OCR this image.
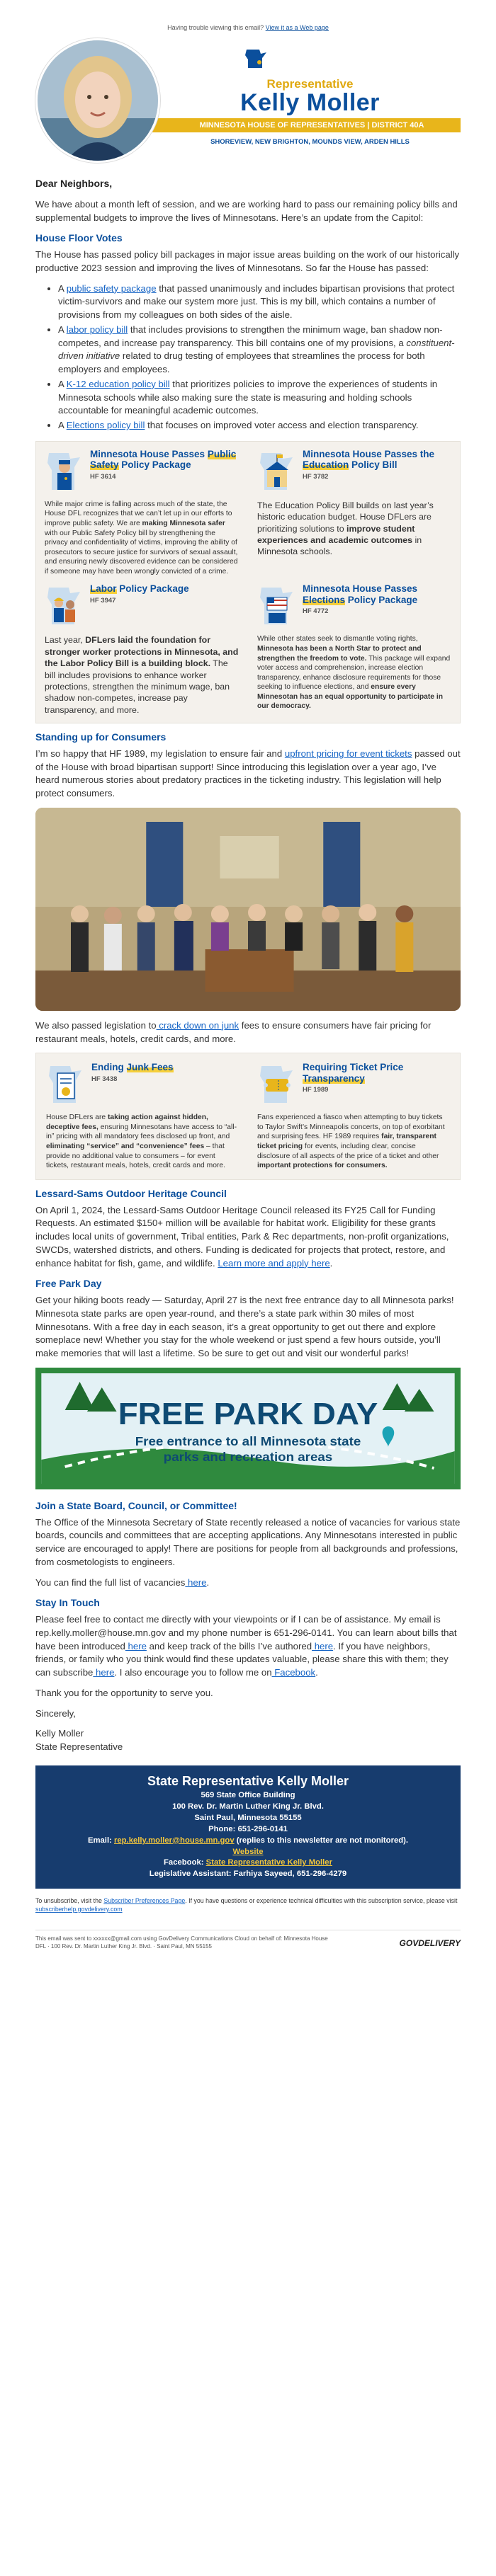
Having trouble viewing this email? View it as a Web page
Representative
Kelly Moller
MINNESOTA HOUSE OF REPRESENTATIVES | DISTRICT 40A
SHOREVIEW, NEW BRIGHTON, MOUNDS VIEW, ARDEN HILLS

Dear Neighbors,

We have about a month left of session, and we are working hard to pass our remaining policy bills and supplemental budgets to improve the lives of Minnesotans. Here’s an update from the Capitol:

House Floor Votes

The House has passed policy bill packages in major issue areas building on the work of our historically productive 2023 session and improving the lives of Minnesotans. So far the House has passed:

• A public safety package that passed unanimously and includes bipartisan provisions that protect victim-survivors and make our system more just. This is my bill, which contains a number of provisions from my colleagues on both sides of the aisle.
• A labor policy bill that includes provisions to strengthen the minimum wage, ban shadow non-competes, and increase pay transparency. This bill contains one of my provisions, a constituent-driven initiative related to drug testing of employees that streamlines the process for both employers and employees.
• A K-12 education policy bill that prioritizes policies to improve the experiences of students in Minnesota schools while also making sure the state is measuring and holding schools accountable for meaningful academic outcomes.
• A Elections policy bill that focuses on improved voter access and election transparency.
Minnesota House Passes Public Safety Policy Package
HF 3614
While major crime is falling across much of the state, the House DFL recognizes that we can’t let up in our efforts to improve public safety. We are making Minnesota safer with our Public Safety Policy bill by strengthening the privacy and confidentiality of victims, improving the ability of prosecutors to secure justice for survivors of sexual assault, and ensuring newly discovered evidence can be considered if someone may have been wrongly convicted of a crime.
Minnesota House Passes the Education Policy Bill
HF 3782
The Education Policy Bill builds on last year’s historic education budget. House DFLers are prioritizing solutions to improve student experiences and academic outcomes in Minnesota schools.
Labor Policy Package
HF 3947
Last year, DFLers laid the foundation for stronger worker protections in Minnesota, and the Labor Policy Bill is a building block. The bill includes provisions to enhance worker protections, strengthen the minimum wage, ban shadow non-competes, increase pay transparency, and more.
Minnesota House Passes Elections Policy Package
HF 4772
While other states seek to dismantle voting rights, Minnesota has been a North Star to protect and strengthen the freedom to vote. This package will expand voter access and comprehension, increase election transparency, enhance disclosure requirements for those seeking to influence elections, and ensure every Minnesotan has an equal opportunity to participate in our democracy.
Standing up for Consumers

I’m so happy that HF 1989, my legislation to ensure fair and upfront pricing for event tickets passed out of the House with broad bipartisan support! Since introducing this legislation over a year ago, I’ve heard numerous stories about predatory practices in the ticketing industry. This legislation will help protect consumers.

We also passed legislation to crack down on junk fees to ensure consumers have fair pricing for restaurant meals, hotels, credit cards, and more.

Ending Junk Fees
HF 3438
House DFLers are taking action against hidden, deceptive fees, ensuring Minnesotans have access to “all-in” pricing with all mandatory fees disclosed up front, and eliminating “service” and “convenience” fees – that provide no additional value to consumers – for event tickets, restaurant meals, hotels, credit cards and more.
Requiring Ticket Price Transparency
HF 1989
Fans experienced a fiasco when attempting to buy tickets to Taylor Swift’s Minneapolis concerts, on top of exorbitant and surprising fees. HF 1989 requires fair, transparent ticket pricing for events, including clear, concise disclosure of all aspects of the price of a ticket and other important protections for consumers.
Lessard-Sams Outdoor Heritage Council

On April 1, 2024, the Lessard-Sams Outdoor Heritage Council released its FY25 Call for Funding Requests. An estimated $150+ million will be available for habitat work. Eligibility for these grants includes local units of government, Tribal entities, Park & Rec departments, non-profit organizations, SWCDs, watershed districts, and others. Funding is dedicated for projects that protect, restore, and enhance habitat for fish, game, and wildlife. Learn more and apply here.

Free Park Day

Get your hiking boots ready — Saturday, April 27 is the next free entrance day to all Minnesota parks! Minnesota state parks are open year-round, and there’s a state park within 30 miles of most Minnesotans. With a free day in each season, it’s a great opportunity to get out there and explore someplace new! Whether you stay for the whole weekend or just spend a few hours outside, you’ll make memories that will last a lifetime. So be sure to get out and visit our wonderful parks!

FREE PARK DAY
Free entrance to all Minnesota state
parks and recreation areas
Join a State Board, Council, or Committee!

The Office of the Minnesota Secretary of State recently released a notice of vacancies for various state boards, councils and committees that are accepting applications. Any Minnesotans interested in public service are encouraged to apply! There are positions for people from all backgrounds and professions, from cosmetologists to engineers.

You can find the full list of vacancies here.

Stay In Touch

Please feel free to contact me directly with your viewpoints or if I can be of assistance. My email is rep.kelly.moller@house.mn.gov and my phone number is 651-296-0141. You can learn about bills that have been introduced here and keep track of the bills I’ve authored here. If you have neighbors, friends, or family who you think would find these updates valuable, please share this with them; they can subscribe here. I also encourage you to follow me on Facebook.

Thank you for the opportunity to serve you.

Sincerely,

Kelly Moller

State Representative

State Representative Kelly Moller
569 State Office Building
100 Rev. Dr. Martin Luther King Jr. Blvd.
Saint Paul, Minnesota 55155
Phone: 651-296-0141
Email: rep.kelly.moller@house.mn.gov (replies to this newsletter are not monitored).
Website
Facebook: State Representative Kelly Moller
Legislative Assistant: Farhiya Sayeed, 651-296-4279
To unsubscribe, visit the Subscriber Preferences Page. If you have questions or experience technical difficulties with this subscription service, please visit subscriberhelp.govdelivery.com
This email was sent to xxxxxx@gmail.com using GovDelivery Communications Cloud on behalf of: Minnesota House DFL · 100 Rev. Dr. Martin Luther King Jr. Blvd. · Saint Paul, MN 55155	GOVDELIVERY
